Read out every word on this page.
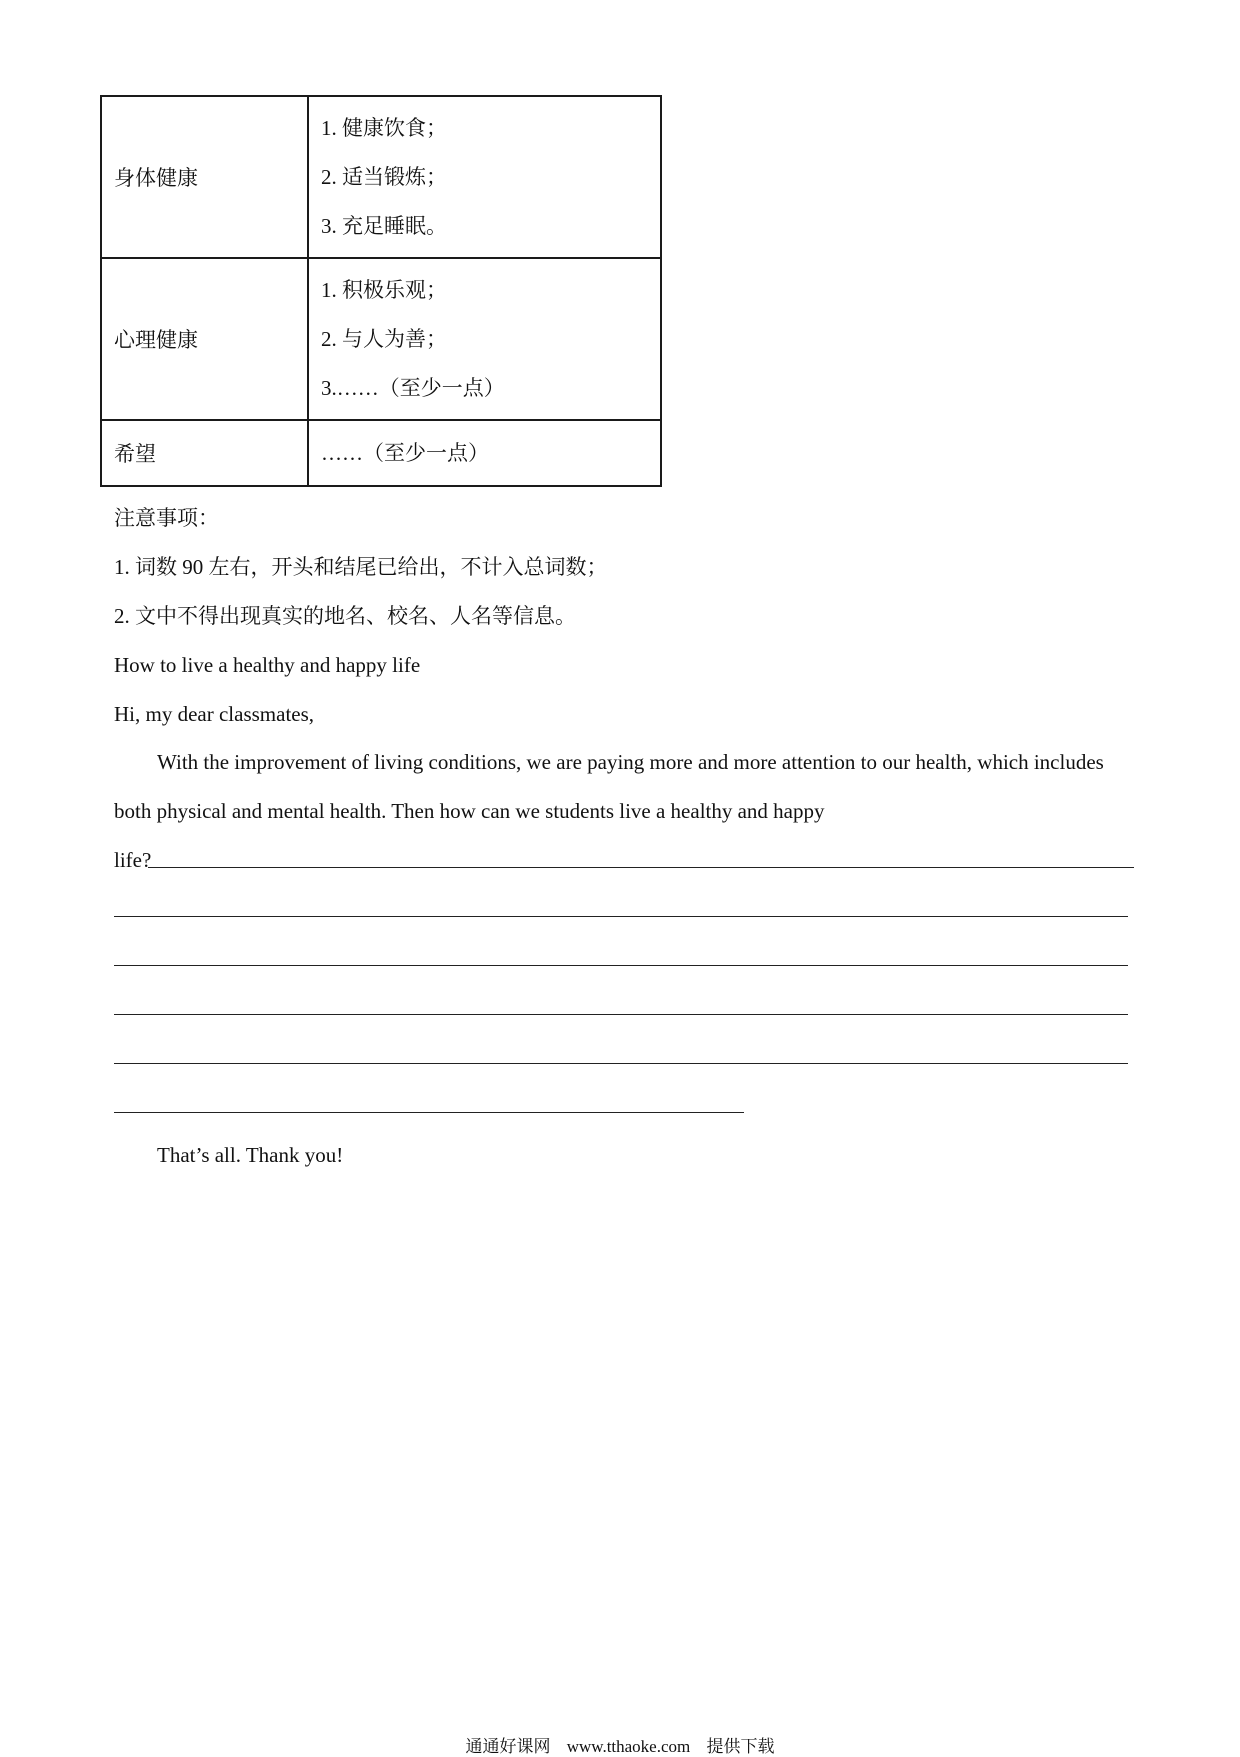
身体健康	1. 健康饮食；
2. 适当锻炼；
3. 充足睡眠。

心理健康	1. 积极乐观；
2. 与人为善；
3.……（至少一点）

希望	……（至少一点）
注意事项：
1. 词数 90 左右，开头和结尾已给出，不计入总词数；
2. 文中不得出现真实的地名、校名、人名等信息。
How to live a healthy and happy life
Hi, my dear classmates,
With the improvement of living conditions, we are paying more and more attention to our health, which includes
both physical and mental health. Then how can we students live a healthy and happy
life?
That’s all. Thank you!
通通好课网 www.tthaoke.com 提供下载
